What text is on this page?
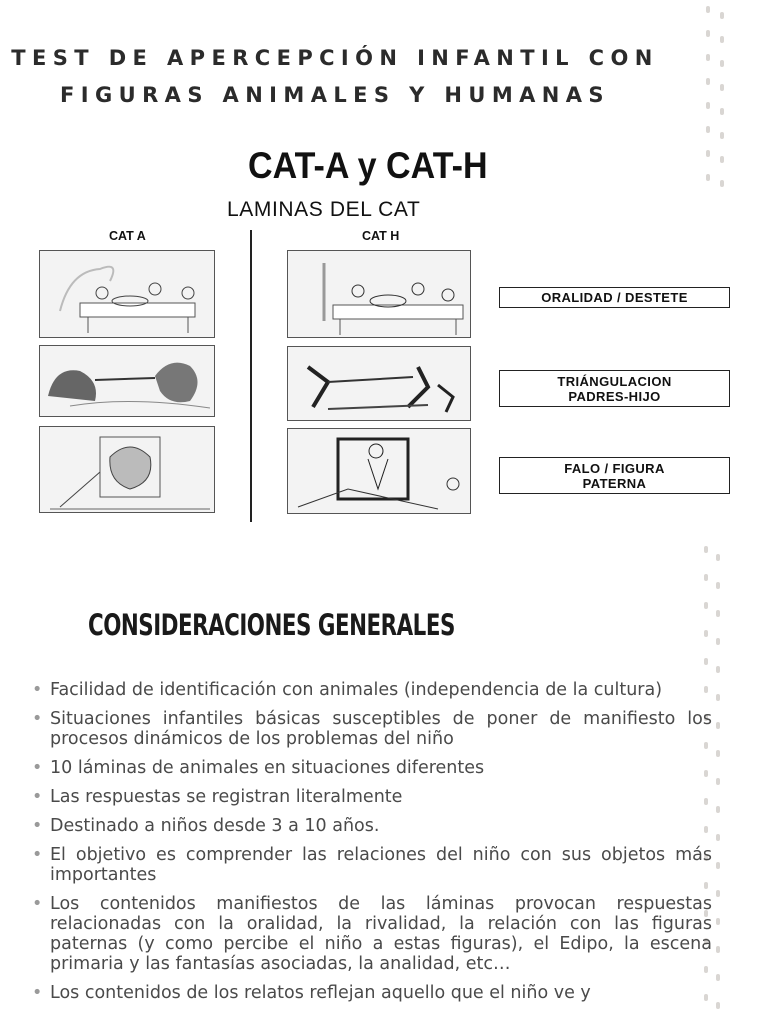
TEST DE APERCEPCIÓN INFANTIL CON
FIGURAS ANIMALES Y HUMANAS
CAT-A y CAT-H
LAMINAS DEL CAT
CAT A	CAT H
ORALIDAD / DESTETE
TRIÁNGULACION
PADRES-HIJO
FALO / FIGURA
PATERNA
CONSIDERACIONES GENERALES
• Facilidad de identificación con animales (independencia de la cultura)
• Situaciones infantiles básicas susceptibles de poner de manifiesto los procesos dinámicos de los problemas del niño
• 10 láminas de animales en situaciones diferentes
• Las respuestas se registran literalmente
• Destinado a niños desde 3 a 10 años.
• El objetivo es comprender las relaciones del niño con sus objetos más importantes
• Los contenidos manifiestos de las láminas provocan respuestas relacionadas con la oralidad, la rivalidad, la relación con las figuras paternas (y como percibe el niño a estas figuras), el Edipo, la escena primaria y las fantasías asociadas, la analidad, etc…
• Los contenidos de los relatos reflejan aquello que el niño ve y
